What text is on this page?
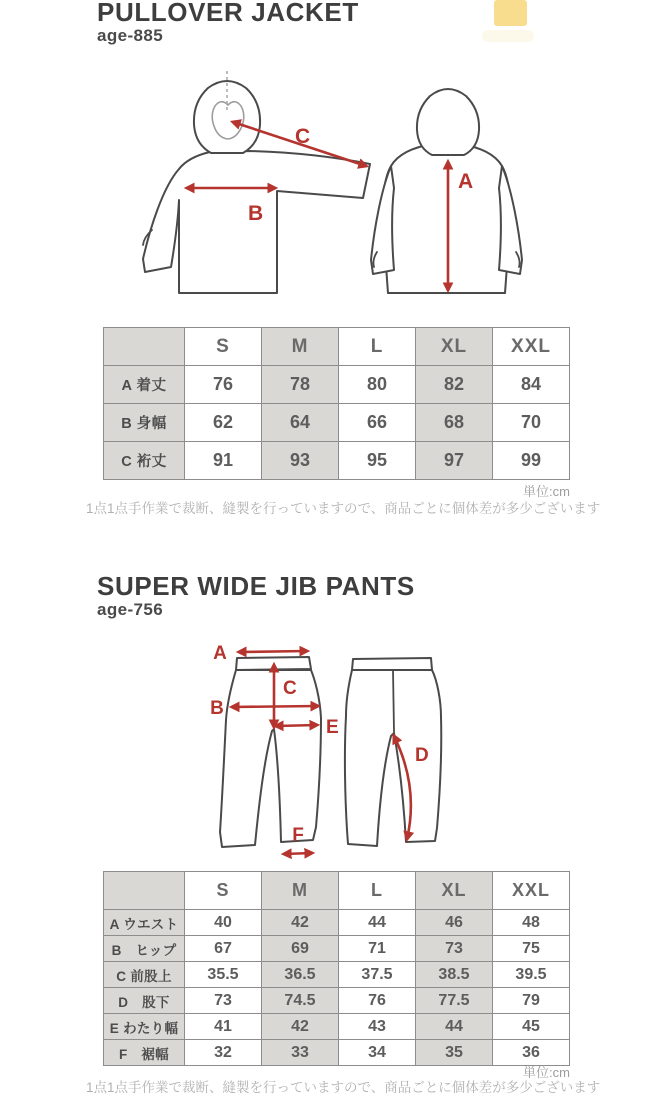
PULLOVER JACKET
age-885
C
B
A
	S	M	L	XL	XXL
A 着丈	76	78	80	82	84
B 身幅	62	64	66	68	70
C 裄丈	91	93	95	97	99
単位:cm
1点1点手作業で裁断、縫製を行っていますので、商品ごとに個体差が多少ございます
SUPER WIDE JIB PANTS
age-756
A
C
B
E
F
D
	S	M	L	XL	XXL
A ウエスト	40	42	44	46	48
B　ヒップ	67	69	71	73	75
C 前股上	35.5	36.5	37.5	38.5	39.5
D　股下	73	74.5	76	77.5	79
E わたり幅	41	42	43	44	45
F　裾幅	32	33	34	35	36
単位:cm
1点1点手作業で裁断、縫製を行っていますので、商品ごとに個体差が多少ございます
